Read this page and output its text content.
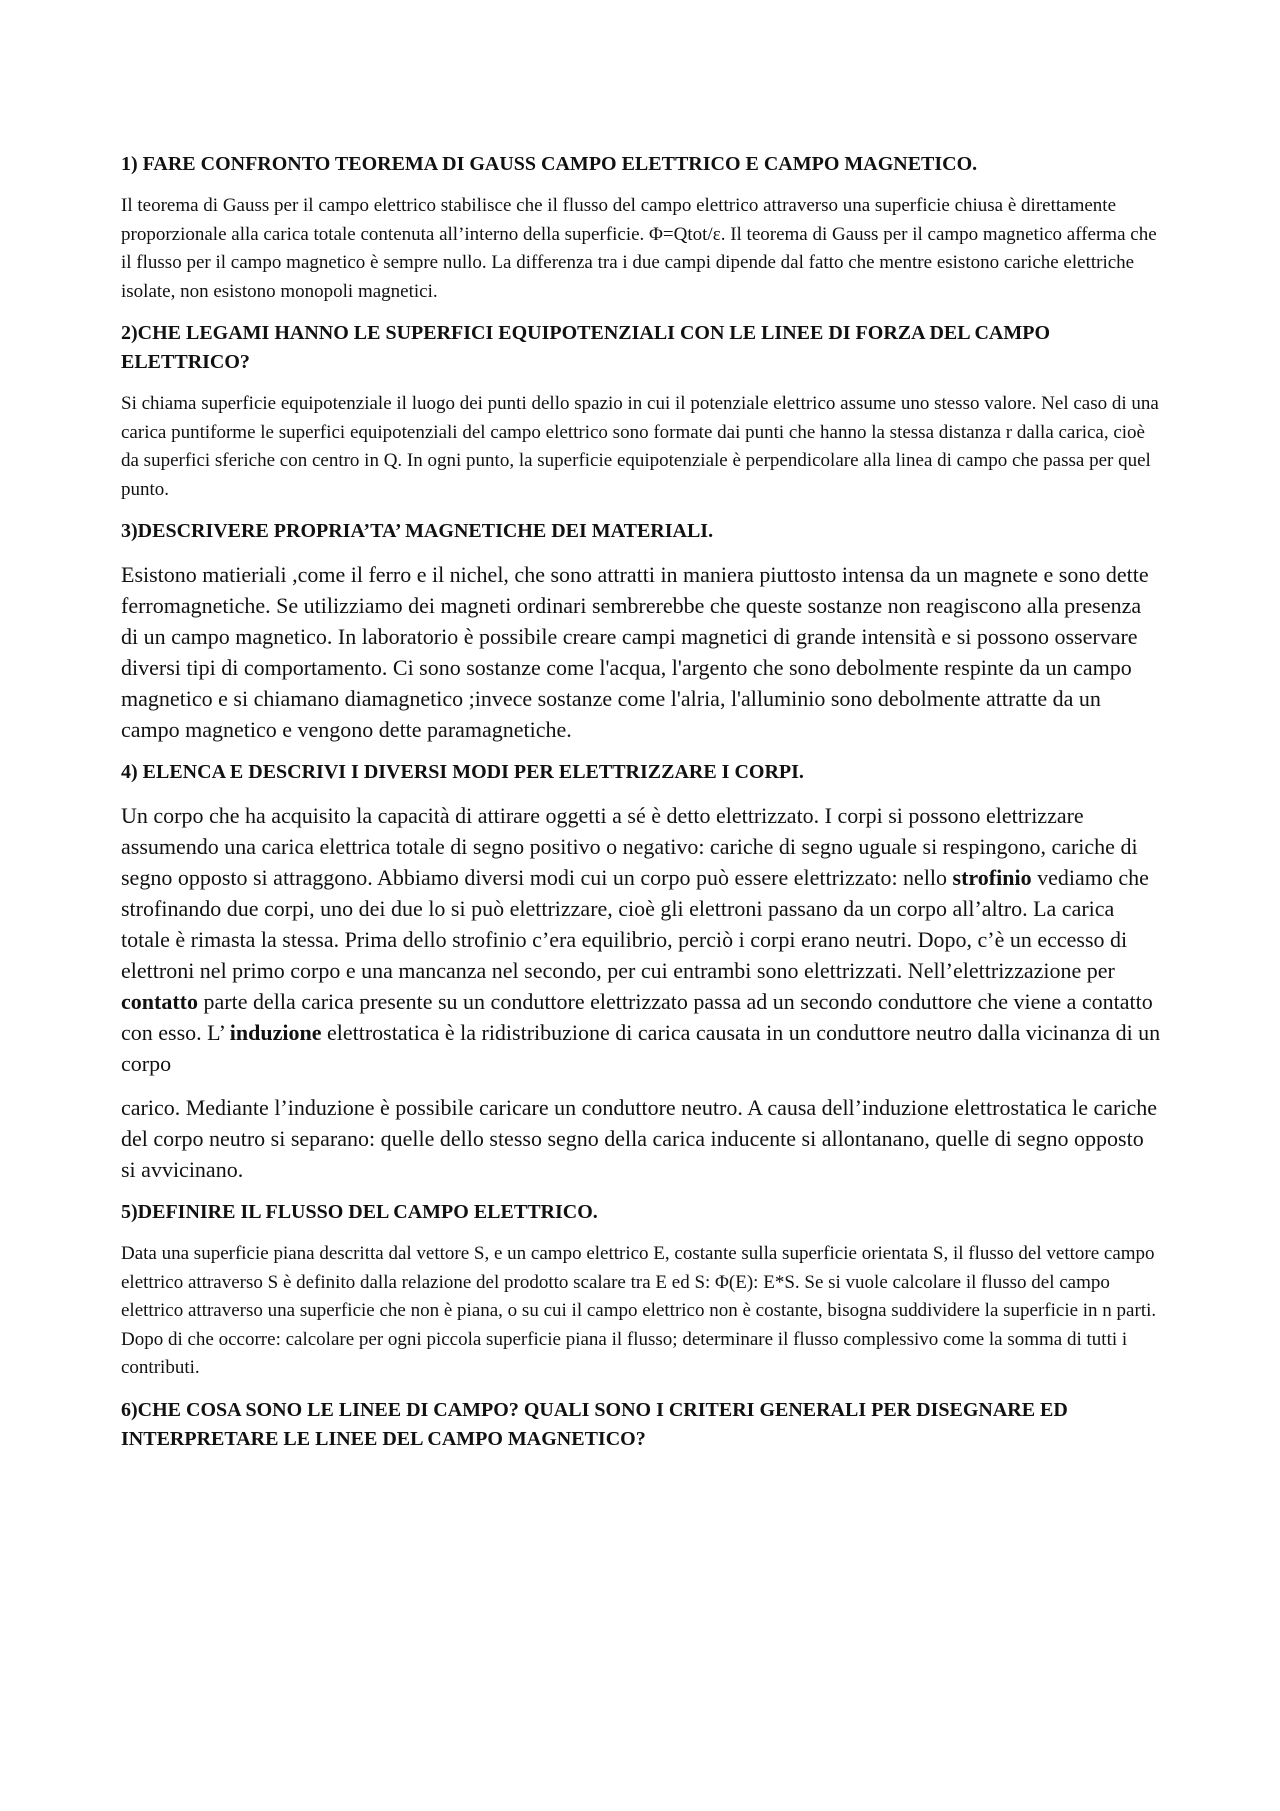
1) FARE CONFRONTO TEOREMA DI GAUSS CAMPO ELETTRICO E CAMPO MAGNETICO.

Il teorema di Gauss per il campo elettrico stabilisce che il flusso del campo elettrico attraverso una superficie chiusa è direttamente proporzionale alla carica totale contenuta all’interno della superficie. Φ=Qtot/ε. Il teorema di Gauss per il campo magnetico afferma che il flusso per il campo magnetico è sempre nullo. La differenza tra i due campi dipende dal fatto che mentre esistono cariche elettriche isolate, non esistono monopoli magnetici.

2)CHE LEGAMI HANNO LE SUPERFICI EQUIPOTENZIALI CON LE LINEE DI FORZA DEL CAMPO ELETTRICO?

Si chiama superficie equipotenziale il luogo dei punti dello spazio in cui il potenziale elettrico assume uno stesso valore. Nel caso di una carica puntiforme le superfici equipotenziali del campo elettrico sono formate dai punti che hanno la stessa distanza r dalla carica, cioè da superfici sferiche con centro in Q. In ogni punto, la superficie equipotenziale è perpendicolare alla linea di campo che passa per quel punto.

3)DESCRIVERE PROPRIA’TA’ MAGNETICHE DEI MATERIALI.

Esistono matieriali ,come il ferro e il nichel, che sono attratti in maniera piuttosto intensa da un magnete e sono dette ferromagnetiche. Se utilizziamo dei magneti ordinari sembrerebbe che queste sostanze non reagiscono alla presenza di un campo magnetico. In laboratorio è possibile creare campi magnetici di grande intensità e si possono osservare diversi tipi di comportamento. Ci sono sostanze come l'acqua, l'argento che sono debolmente respinte da un campo magnetico e si chiamano diamagnetico ;invece sostanze come l'alria, l'alluminio sono debolmente attratte da un campo magnetico e vengono dette paramagnetiche.

4) ELENCA E DESCRIVI I DIVERSI MODI PER ELETTRIZZARE I CORPI.

Un corpo che ha acquisito la capacità di attirare oggetti a sé è detto elettrizzato. I corpi si possono elettrizzare assumendo una carica elettrica totale di segno positivo o negativo: cariche di segno uguale si respingono, cariche di segno opposto si attraggono. Abbiamo diversi modi cui un corpo può essere elettrizzato: nello strofinio vediamo che strofinando due corpi, uno dei due lo si può elettrizzare, cioè gli elettroni passano da un corpo all’altro. La carica totale è rimasta la stessa. Prima dello strofinio c’era equilibrio, perciò i corpi erano neutri. Dopo, c’è un eccesso di elettroni nel primo corpo e una mancanza nel secondo, per cui entrambi sono elettrizzati. Nell’elettrizzazione per contatto parte della carica presente su un conduttore elettrizzato passa ad un secondo conduttore che viene a contatto con esso. L’ induzione elettrostatica è la ridistribuzione di carica causata in un conduttore neutro dalla vicinanza di un corpo

carico. Mediante l’induzione è possibile caricare un conduttore neutro. A causa dell’induzione elettrostatica le cariche del corpo neutro si separano: quelle dello stesso segno della carica inducente si allontanano, quelle di segno opposto si avvicinano.

5)DEFINIRE IL FLUSSO DEL CAMPO ELETTRICO.

Data una superficie piana descritta dal vettore S, e un campo elettrico E, costante sulla superficie orientata S, il flusso del vettore campo elettrico attraverso S è definito dalla relazione del prodotto scalare tra E ed S: Φ(E): E*S. Se si vuole calcolare il flusso del campo elettrico attraverso una superficie che non è piana, o su cui il campo elettrico non è costante, bisogna suddividere la superficie in n parti. Dopo di che occorre: calcolare per ogni piccola superficie piana il flusso; determinare il flusso complessivo come la somma di tutti i contributi.

6)CHE COSA SONO LE LINEE DI CAMPO? QUALI SONO I CRITERI GENERALI PER DISEGNARE ED INTERPRETARE LE LINEE DEL CAMPO MAGNETICO?
